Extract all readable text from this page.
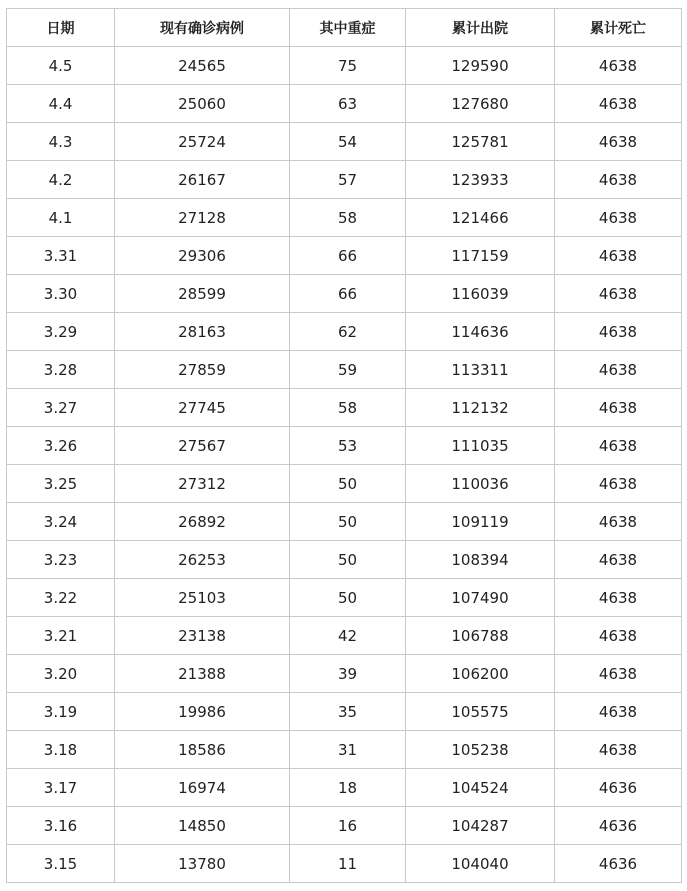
日期	现有确诊病例	其中重症	累计出院	累计死亡
4.5	24565	75	129590	4638
4.4	25060	63	127680	4638
4.3	25724	54	125781	4638
4.2	26167	57	123933	4638
4.1	27128	58	121466	4638
3.31	29306	66	117159	4638
3.30	28599	66	116039	4638
3.29	28163	62	114636	4638
3.28	27859	59	113311	4638
3.27	27745	58	112132	4638
3.26	27567	53	111035	4638
3.25	27312	50	110036	4638
3.24	26892	50	109119	4638
3.23	26253	50	108394	4638
3.22	25103	50	107490	4638
3.21	23138	42	106788	4638
3.20	21388	39	106200	4638
3.19	19986	35	105575	4638
3.18	18586	31	105238	4638
3.17	16974	18	104524	4636
3.16	14850	16	104287	4636
3.15	13780	11	104040	4636
